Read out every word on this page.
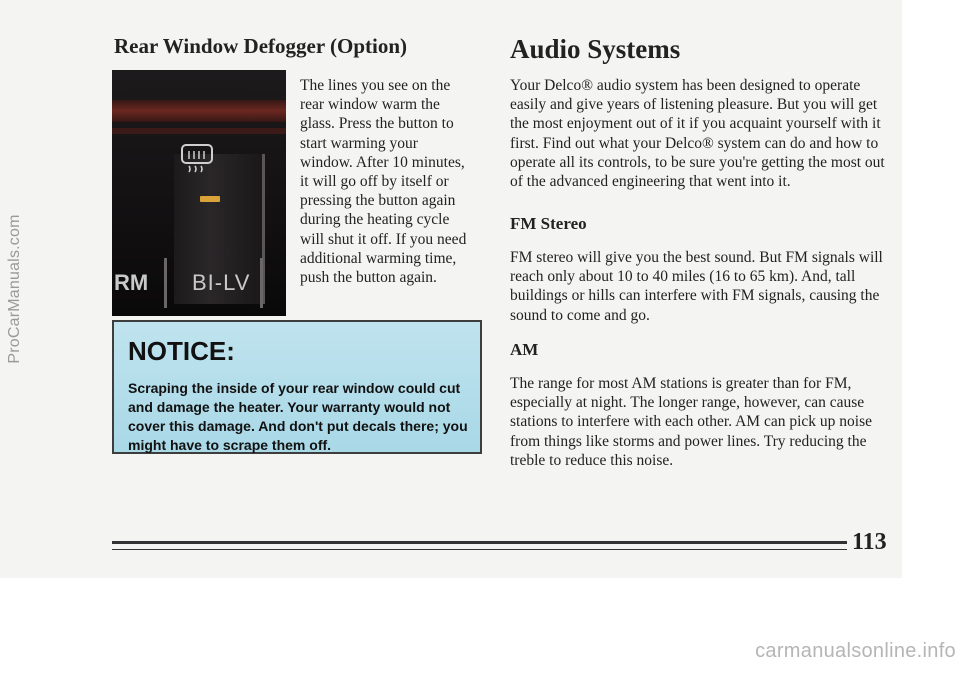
ProCarManuals.com
Rear Window Defogger (Option)

RM BI-LV

The lines you see on the rear window warm the glass. Press the button to start warming your window. After 10 minutes, it will go off by itself or pressing the button again during the heating cycle will shut it off. If you need additional warming time, push the button again.

NOTICE:

Scraping the inside of your rear window could cut and damage the heater. Your warranty would not cover this damage. And don't put decals there; you might have to scrape them off.

Audio Systems

Your Delco® audio system has been designed to operate easily and give years of listening pleasure. But you will get the most enjoyment out of it if you acquaint yourself with it first. Find out what your Delco® system can do and how to operate all its controls, to be sure you're getting the most out of the advanced engineering that went into it.

FM Stereo

FM stereo will give you the best sound. But FM signals will reach only about 10 to 40 miles (16 to 65 km). And, tall buildings or hills can interfere with FM signals, causing the sound to come and go.

AM

The range for most AM stations is greater than for FM, especially at night. The longer range, however, can cause stations to interfere with each other. AM can pick up noise from things like storms and power lines. Try reducing the treble to reduce this noise.

113

carmanualsonline.info
